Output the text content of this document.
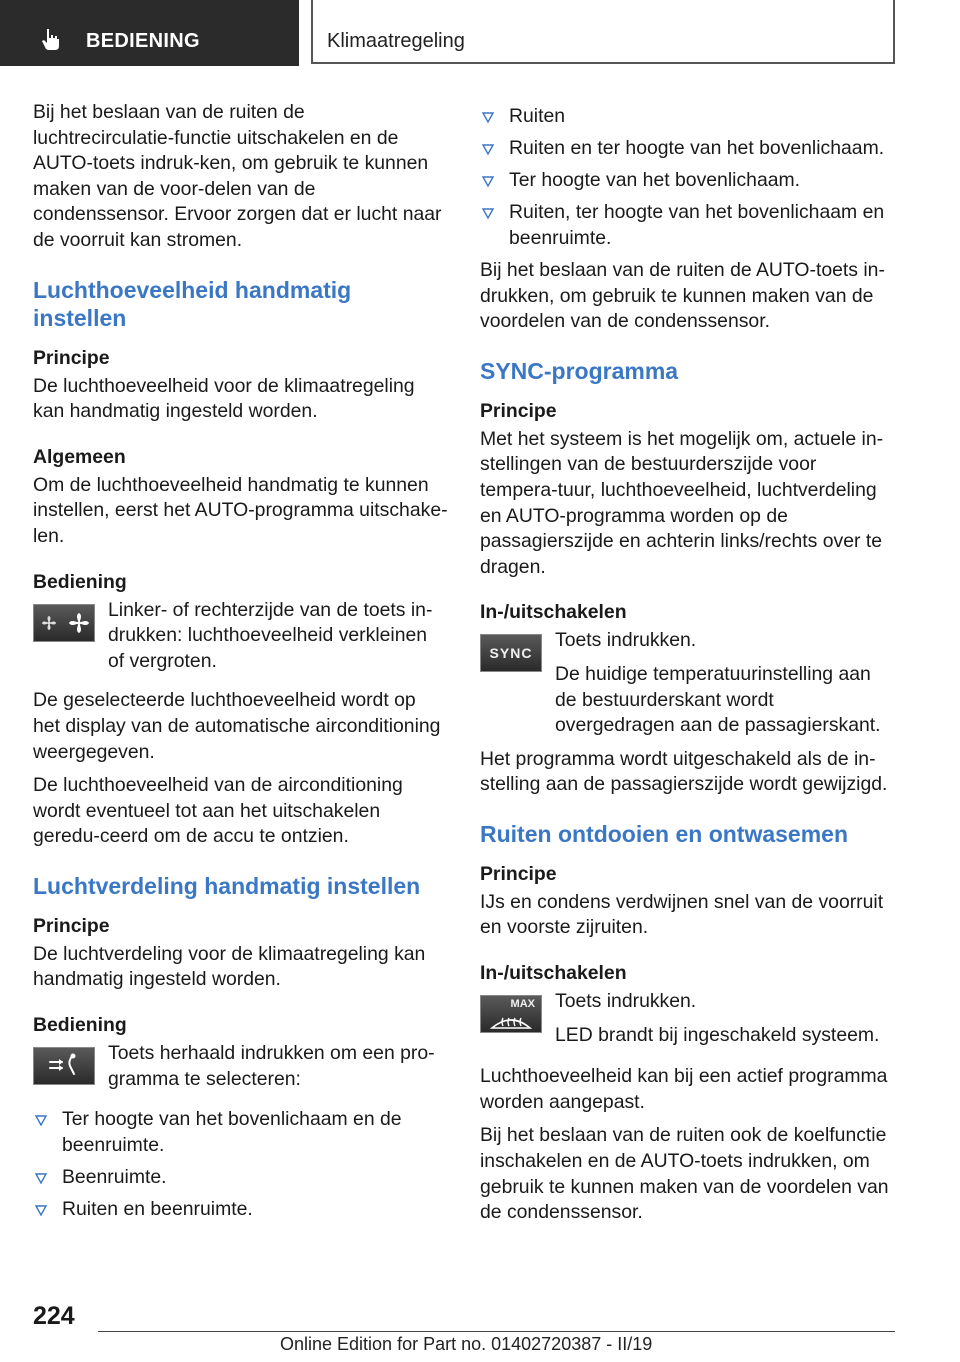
BEDIENING	Klimaatregeling

Bij het beslaan van de ruiten de luchtrecirculatie-functie uitschakelen en de AUTO-toets indruk-ken, om gebruik te kunnen maken van de voor-delen van de condenssensor. Ervoor zorgen dat er lucht naar de voorruit kan stromen.

Luchthoeveelheid handmatig instellen
Principe

De luchthoeveelheid voor de klimaatregeling kan handmatig ingesteld worden.

Algemeen

Om de luchthoeveelheid handmatig te kunnen instellen, eerst het AUTO-programma uitschake-len.

Bediening

Linker- of rechterzijde van de toets in-drukken: luchthoeveelheid verkleinen of vergroten.

De geselecteerde luchthoeveelheid wordt op het display van de automatische airconditioning weergegeven.

De luchthoeveelheid van de airconditioning wordt eventueel tot aan het uitschakelen geredu-ceerd om de accu te ontzien.

Luchtverdeling handmatig instellen
Principe

De luchtverdeling voor de klimaatregeling kan handmatig ingesteld worden.

Bediening

Toets herhaald indrukken om een pro-gramma te selecteren:

Ter hoogte van het bovenlichaam en de beenruimte.
Beenruimte.
Ruiten en beenruimte.
Ruiten
Ruiten en ter hoogte van het bovenlichaam.
Ter hoogte van het bovenlichaam.
Ruiten, ter hoogte van het bovenlichaam en beenruimte.

Bij het beslaan van de ruiten de AUTO-toets in-drukken, om gebruik te kunnen maken van de voordelen van de condenssensor.

SYNC-programma
Principe

Met het systeem is het mogelijk om, actuele in-stellingen van de bestuurderszijde voor tempera-tuur, luchthoeveelheid, luchtverdeling en AUTO-programma worden op de passagierszijde en achterin links/rechts over te dragen.

In-/uitschakelen
SYNC

Toets indrukken.

De huidige temperatuurinstelling aan de bestuurderskant wordt overgedragen aan de passagierskant.

Het programma wordt uitgeschakeld als de in-stelling aan de passagierszijde wordt gewijzigd.

Ruiten ontdooien en ontwasemen
Principe

IJs en condens verdwijnen snel van de voorruit en voorste zijruiten.

In-/uitschakelen
MAX	Toets indrukken.

LED brandt bij ingeschakeld systeem.

Luchthoeveelheid kan bij een actief programma worden aangepast.

Bij het beslaan van de ruiten ook de koelfunctie inschakelen en de AUTO-toets indrukken, om gebruik te kunnen maken van de voordelen van de condenssensor.

224
Online Edition for Part no. 01402720387 - II/19
